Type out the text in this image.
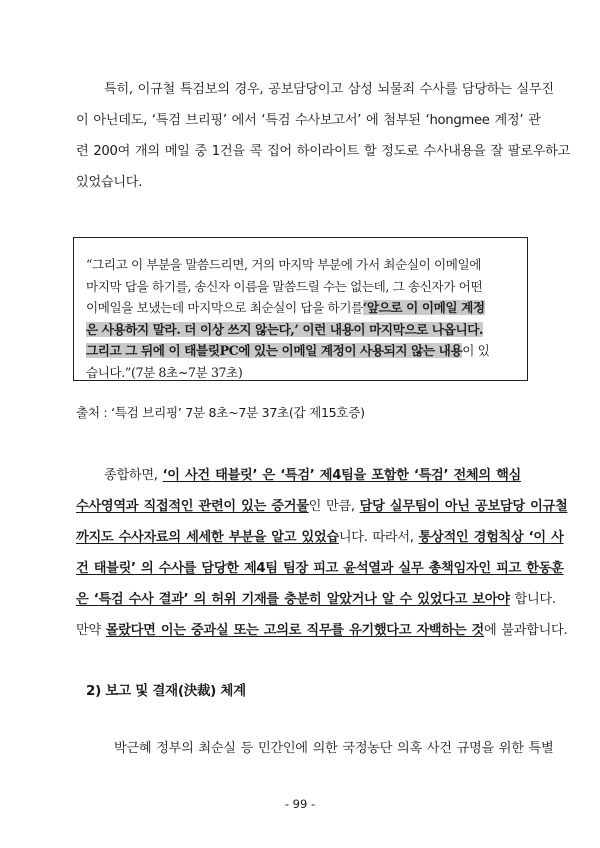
특히, 이규철 특검보의 경우, 공보담당이고 삼성 뇌물죄 수사를 담당하는 실무진
이 아닌데도, ‘특검 브리핑’ 에서 ‘특검 수사보고서’ 에 첨부된 ‘hongmee 계정’ 관
련 200여 개의 메일 중 1건을 콕 집어 하이라이트 할 정도로 수사내용을 잘 팔로우하고
있었습니다.
“그리고 이 부분을 말씀드리면, 거의 마지막 부분에 가서 최순실이 이메일에
마지막 답을 하기를, 송신자 이름을 말씀드릴 수는 없는데, 그 송신자가 어떤
이메일을 보냈는데 마지막으로 최순실이 답을 하기를‘앞으로 이 이메일 계정
은 사용하지 말라. 더 이상 쓰지 않는다,’ 이런 내용이 마지막으로 나옵니다.
그리고 그 뒤에 이 태블릿PC에 있는 이메일 계정이 사용되지 않는 내용이 있
습니다.”(7분 8초~7분 37초)
출처 : ‘특검 브리핑’ 7분 8초~7분 37초(갑 제15호증)
종합하면, ‘이 사건 태블릿’ 은 ‘특검’ 제4팀을 포함한 ‘특검’ 전체의 핵심
수사영역과 직접적인 관련이 있는 증거물인 만큼, 담당 실무팀이 아닌 공보담당 이규철
까지도 수사자료의 세세한 부분을 알고 있었습니다. 따라서, 통상적인 경험칙상 ‘이 사
건 태블릿’ 의 수사를 담당한 제4팀 팀장 피고 윤석열과 실무 총책임자인 피고 한동훈
은 ‘특검 수사 결과’ 의 허위 기재를 충분히 알았거나 알 수 있었다고 보아야 합니다.
만약 몰랐다면 이는 중과실 또는 고의로 직무를 유기했다고 자백하는 것에 불과합니다.
2) 보고 및 결재(決裁) 체계
박근혜 정부의 최순실 등 민간인에 의한 국정농단 의혹 사건 규명을 위한 특별
- 99 -
